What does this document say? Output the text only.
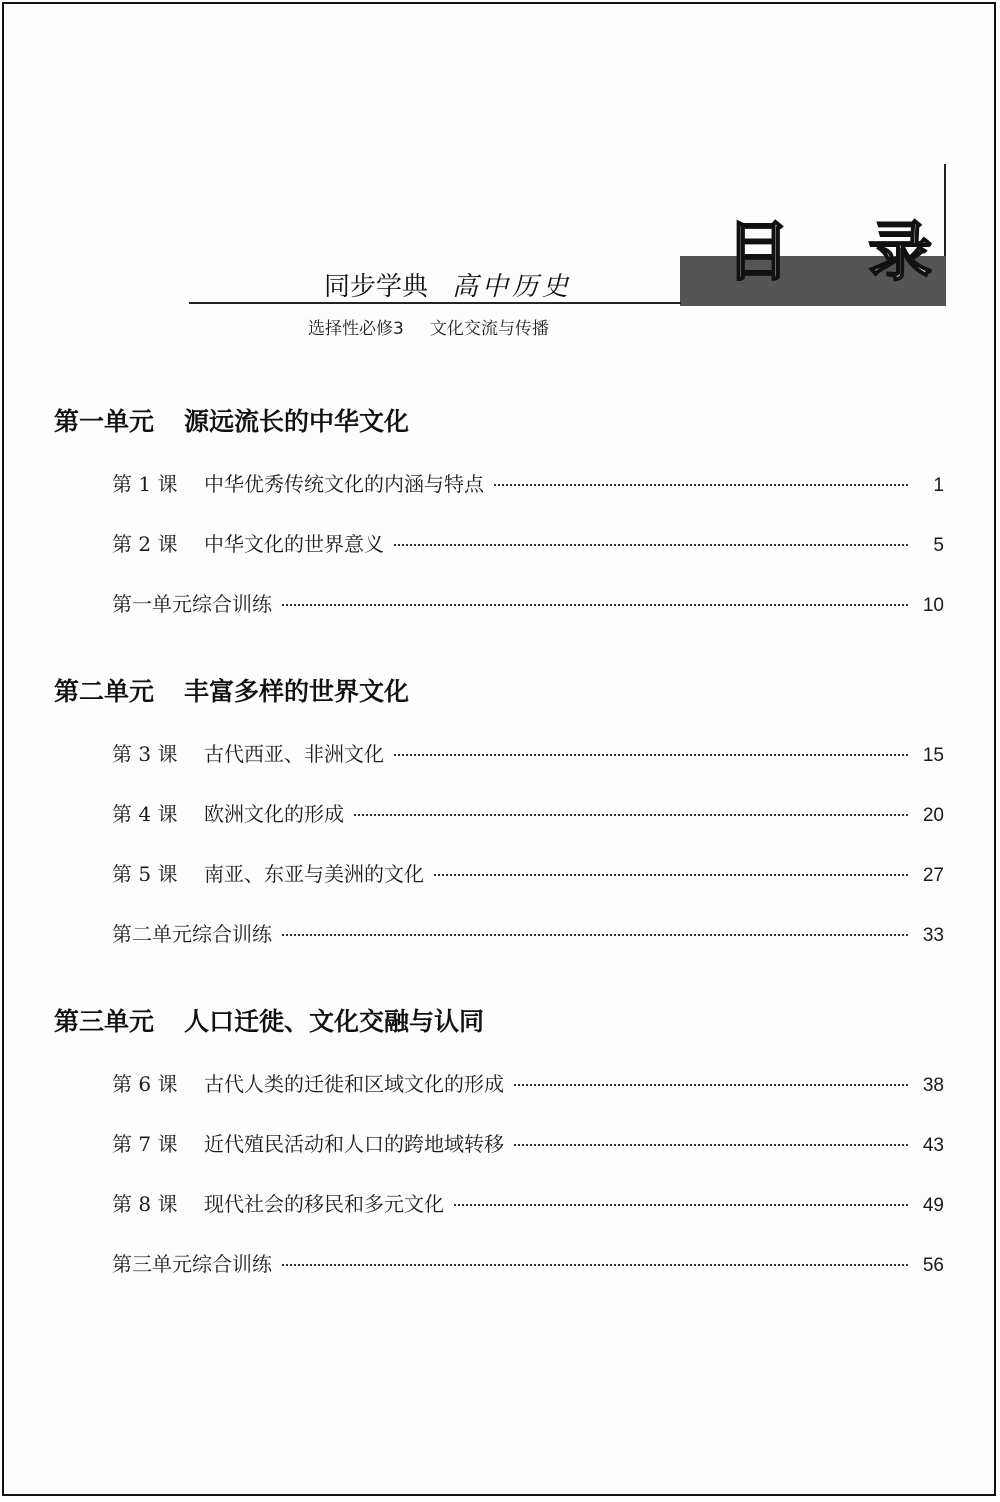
目 录
同步学典 高中历史
选择性必修3 文化交流与传播
第一单元 源远流长的中华文化
第 1 课	中华优秀传统文化的内涵与特点	1
第 2 课	中华文化的世界意义	5
第一单元综合训练	10
第二单元 丰富多样的世界文化
第 3 课	古代西亚、非洲文化	15
第 4 课	欧洲文化的形成	20
第 5 课	南亚、东亚与美洲的文化	27
第二单元综合训练	33
第三单元 人口迁徙、文化交融与认同
第 6 课	古代人类的迁徙和区域文化的形成	38
第 7 课	近代殖民活动和人口的跨地域转移	43
第 8 课	现代社会的移民和多元文化	49
第三单元综合训练	56
